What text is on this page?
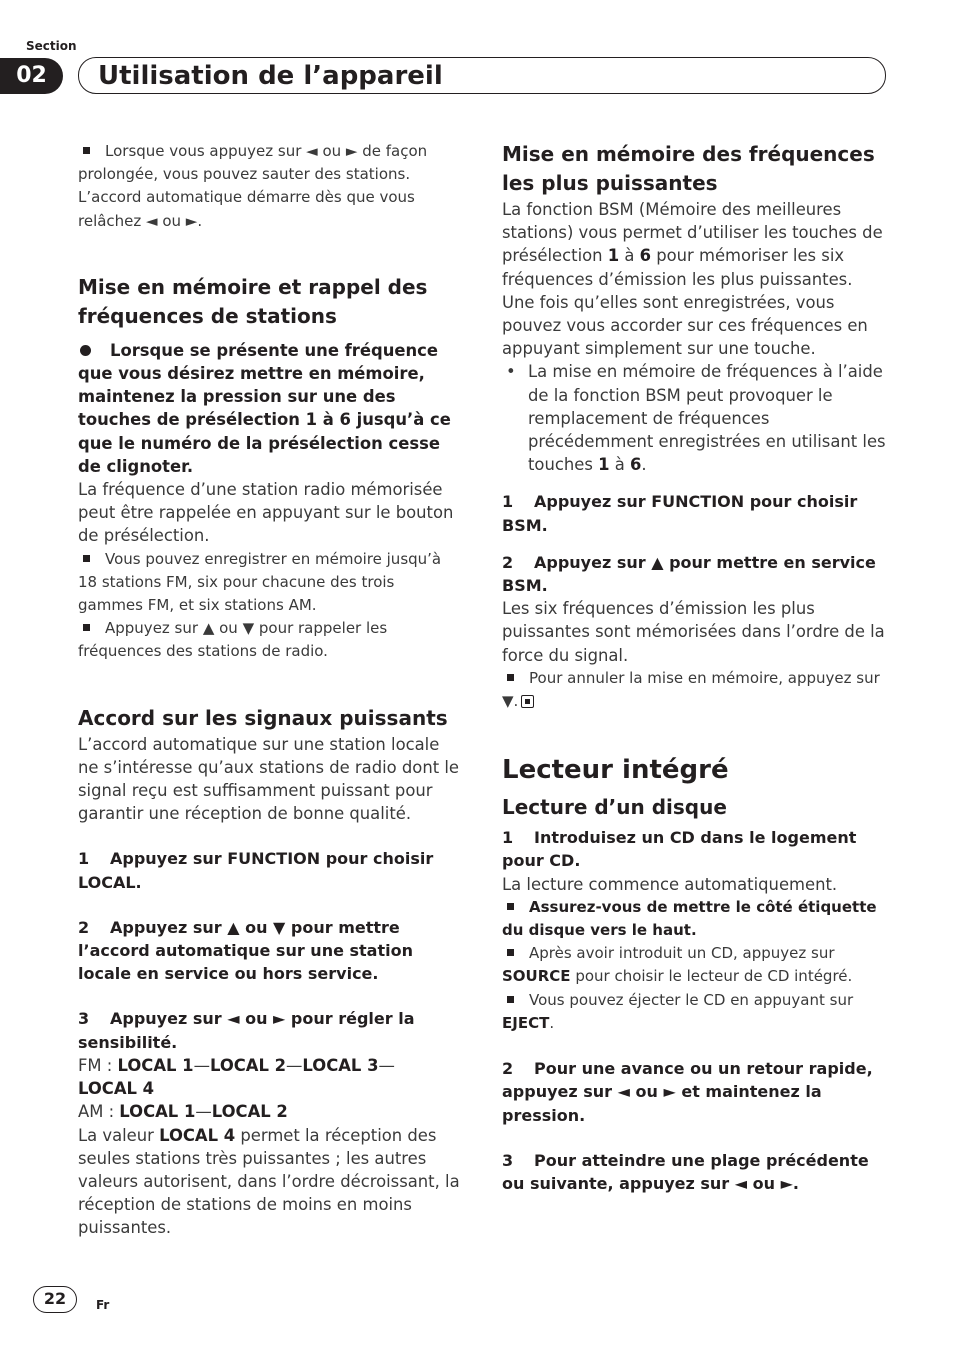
Section
02	Utilisation de l’appareil

Lorsque vous appuyez sur ◄ ou ► de façon prolongée, vous pouvez sauter des stations. L’accord automatique démarre dès que vous relâchez ◄ ou ►.

Mise en mémoire et rappel des fréquences de stations

Lorsque se présente une fréquence que vous désirez mettre en mémoire, maintenez la pression sur une des touches de présélection 1 à 6 jusqu’à ce que le numéro de la présélection cesse de clignoter.

La fréquence d’une station radio mémorisée peut être rappelée en appuyant sur le bouton de présélection.

Vous pouvez enregistrer en mémoire jusqu’à 18 stations FM, six pour chacune des trois gammes FM, et six stations AM.

Appuyez sur ▲ ou ▼ pour rappeler les fréquences des stations de radio.

Accord sur les signaux puissants

L’accord automatique sur une station locale ne s’intéresse qu’aux stations de radio dont le signal reçu est suffisamment puissant pour garantir une réception de bonne qualité.

1 Appuyez sur FUNCTION pour choisir LOCAL.

2 Appuyez sur ▲ ou ▼ pour mettre l’accord automatique sur une station locale en service ou hors service.

3 Appuyez sur ◄ ou ► pour régler la sensibilité.

FM : LOCAL 1—LOCAL 2—LOCAL 3—
LOCAL 4

AM : LOCAL 1—LOCAL 2

La valeur LOCAL 4 permet la réception des seules stations très puissantes ; les autres valeurs autorisent, dans l’ordre décroissant, la réception de stations de moins en moins puissantes.

Mise en mémoire des fréquences les plus puissantes

La fonction BSM (Mémoire des meilleures stations) vous permet d’utiliser les touches de présélection 1 à 6 pour mémoriser les six fréquences d’émission les plus puissantes. Une fois qu’elles sont enregistrées, vous pouvez vous accorder sur ces fréquences en appuyant simplement sur une touche.

• La mise en mémoire de fréquences à l’aide de la fonction BSM peut provoquer le remplacement de fréquences précédemment enregistrées en utilisant les touches 1 à 6.

1 Appuyez sur FUNCTION pour choisir BSM.

2 Appuyez sur ▲ pour mettre en service BSM.

Les six fréquences d’émission les plus puissantes sont mémorisées dans l’ordre de la force du signal.

Pour annuler la mise en mémoire, appuyez sur ▼.

Lecteur intégré
Lecture d’un disque

1 Introduisez un CD dans le logement pour CD.

La lecture commence automatiquement.

Assurez-vous de mettre le côté étiquette du disque vers le haut.

Après avoir introduit un CD, appuyez sur SOURCE pour choisir le lecteur de CD intégré.

Vous pouvez éjecter le CD en appuyant sur EJECT.

2 Pour une avance ou un retour rapide, appuyez sur ◄ ou ► et maintenez la pression.

3 Pour atteindre une plage précédente ou suivante, appuyez sur ◄ ou ►.

22	Fr
